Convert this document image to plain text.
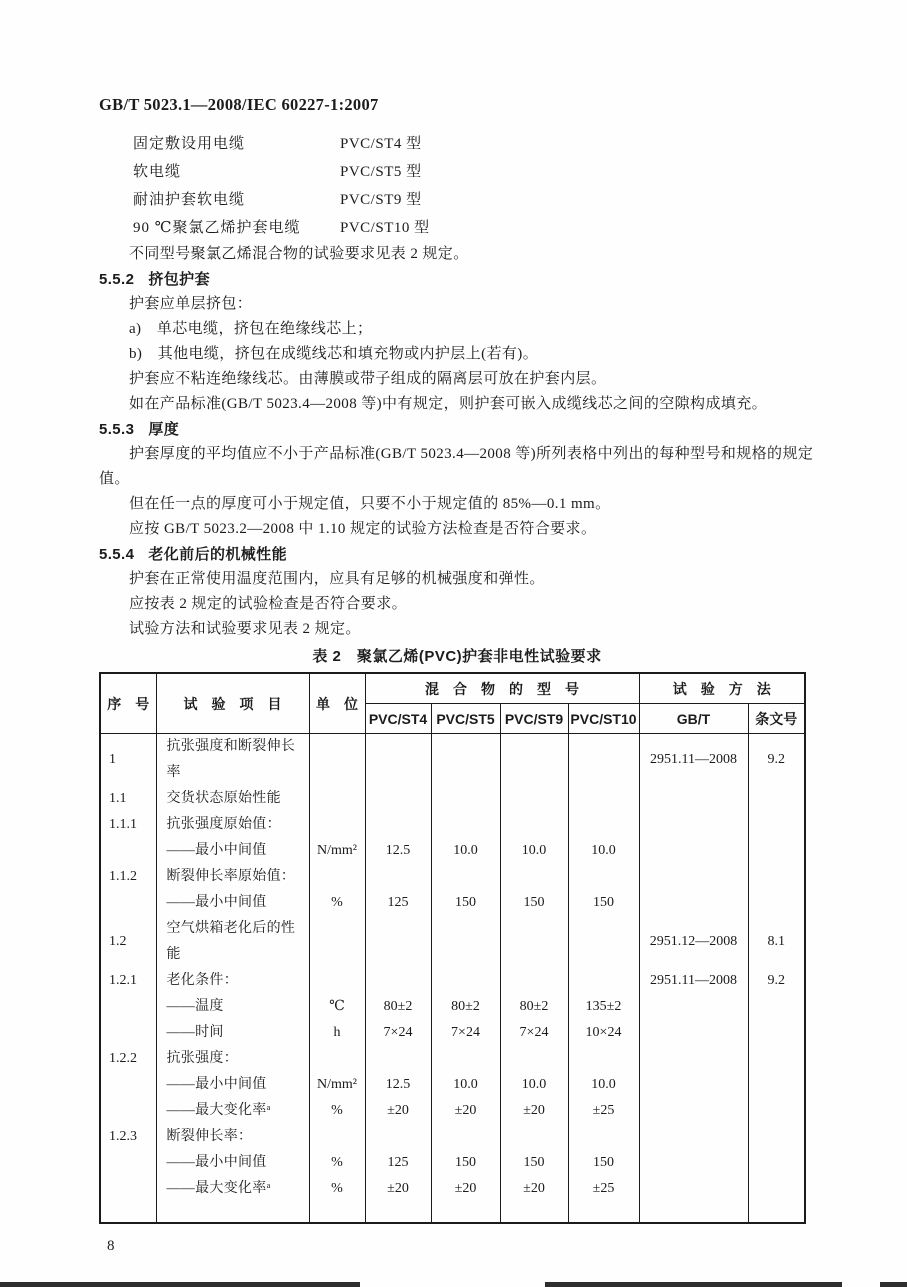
GB/T 5023.1—2008/IEC 60227-1:2007
固定敷设用电缆	PVC/ST4 型
软电缆	PVC/ST5 型
耐油护套软电缆	PVC/ST9 型
90 ℃聚氯乙烯护套电缆	PVC/ST10 型

不同型号聚氯乙烯混合物的试验要求见表 2 规定。

5.5.2 挤包护套

护套应单层挤包：

a)　单芯电缆，挤包在绝缘线芯上；

b)　其他电缆，挤包在成缆线芯和填充物或内护层上(若有)。

护套应不粘连绝缘线芯。由薄膜或带子组成的隔离层可放在护套内层。

如在产品标准(GB/T 5023.4—2008 等)中有规定，则护套可嵌入成缆线芯之间的空隙构成填充。

5.5.3 厚度

护套厚度的平均值应不小于产品标准(GB/T 5023.4—2008 等)所列表格中列出的每种型号和规格的规定值。

但在任一点的厚度可小于规定值，只要不小于规定值的 85%—0.1 mm。

应按 GB/T 5023.2—2008 中 1.10 规定的试验方法检查是否符合要求。

5.5.4 老化前后的机械性能

护套在正常使用温度范围内，应具有足够的机械强度和弹性。

应按表 2 规定的试验检查是否符合要求。

试验方法和试验要求见表 2 规定。

表 2　聚氯乙烯(PVC)护套非电性试验要求
序　号	试　验　项　目	单　位	混　合　物　的　型　号				试　验　方　法	
			PVC/ST4	PVC/ST5	PVC/ST9	PVC/ST10	GB/T	条文号
1	抗张强度和断裂伸长率						2951.11—2008	9.2
1.1	交货状态原始性能							
1.1.1	抗张强度原始值：							
	——最小中间值	N/mm²	12.5	10.0	10.0	10.0		
1.1.2	断裂伸长率原始值：							
	——最小中间值	%	125	150	150	150		
1.2	空气烘箱老化后的性能						2951.12—2008	8.1
1.2.1	老化条件：						2951.11—2008	9.2
	——温度	℃	80±2	80±2	80±2	135±2		
	——时间	h	7×24	7×24	7×24	10×24		
1.2.2	抗张强度：							
	——最小中间值	N/mm²	12.5	10.0	10.0	10.0		
	——最大变化率ᵃ	%	±20	±20	±20	±25		
1.2.3	断裂伸长率：							
	——最小中间值	%	125	150	150	150		
	——最大变化率ᵃ	%	±20	±20	±20	±25		

8
